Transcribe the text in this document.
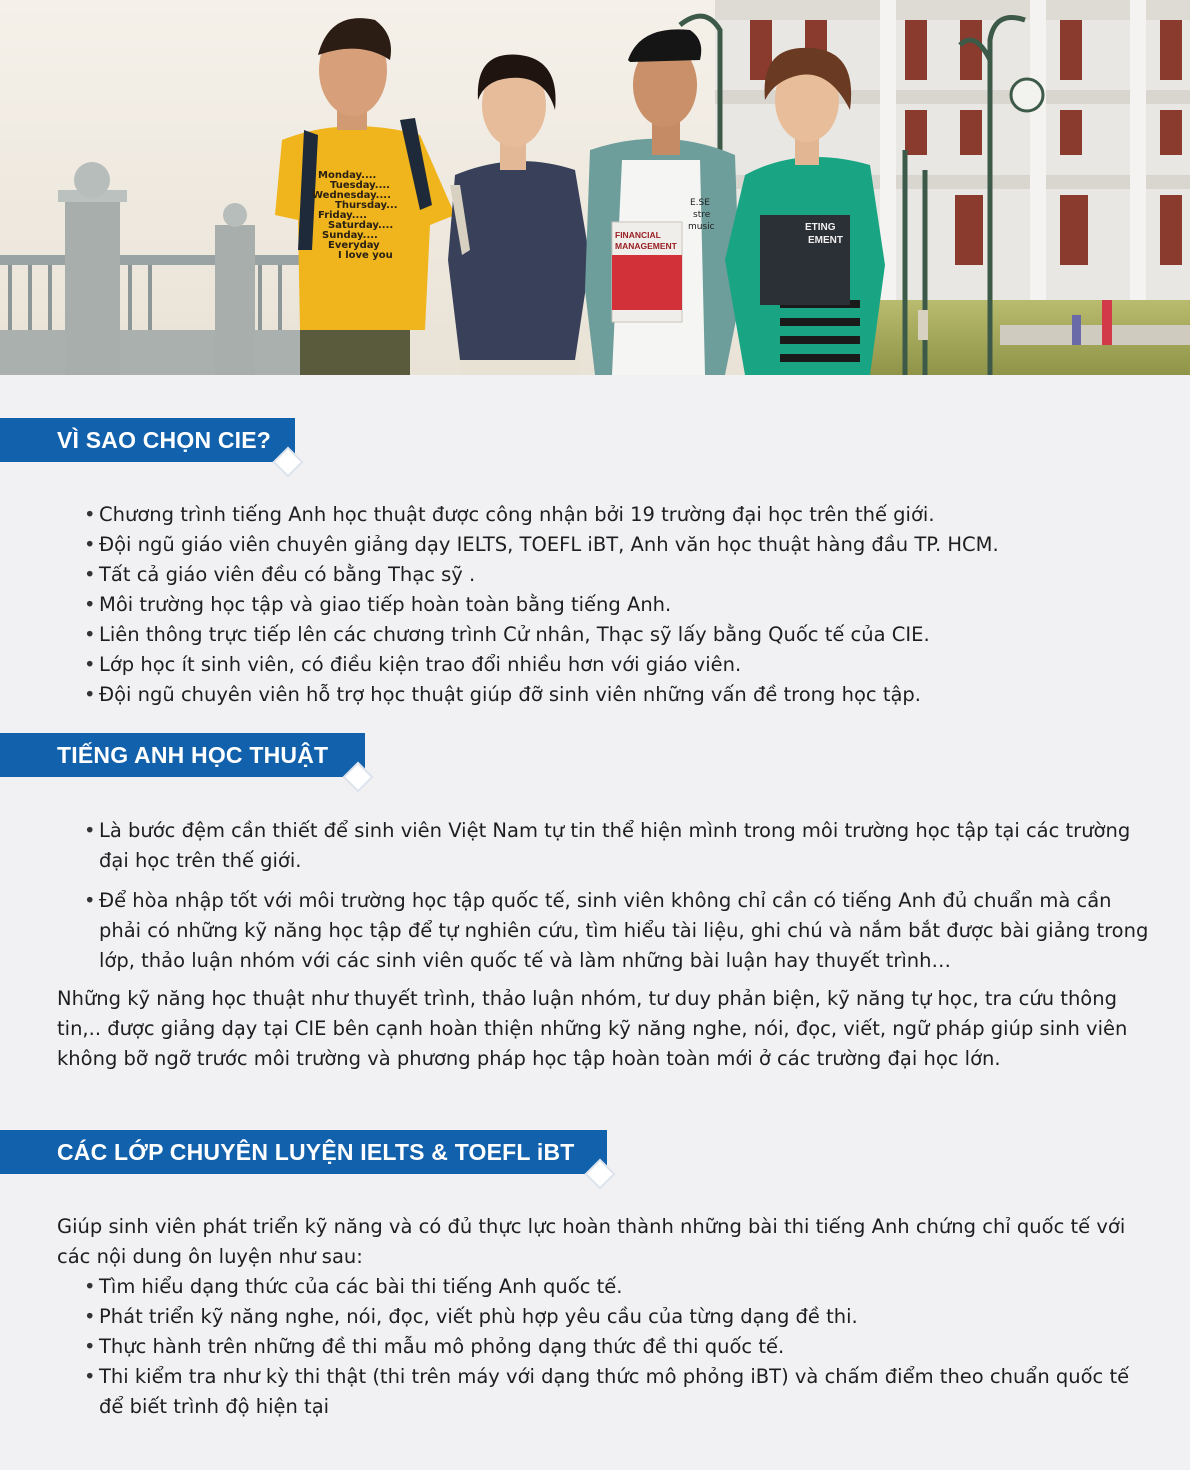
Monday....
Tuesday....
Wednesday....
Thursday...
Friday....
Saturday....
Sunday....
Everyday
I love you
E.SE
stre
music
FINANCIAL
MANAGEMENT
ETING
EMENT
VÌ SAO CHỌN CIE?
• Chương trình tiếng Anh học thuật được công nhận bởi 19 trường đại học trên thế giới.
• Đội ngũ giáo viên chuyên giảng dạy IELTS, TOEFL iBT, Anh văn học thuật hàng đầu TP. HCM.
• Tất cả giáo viên đều có bằng Thạc sỹ .
• Môi trường học tập và giao tiếp hoàn toàn bằng tiếng Anh.
• Liên thông trực tiếp lên các chương trình Cử nhân, Thạc sỹ lấy bằng Quốc tế của CIE.
• Lớp học ít sinh viên, có điều kiện trao đổi nhiều hơn với giáo viên.
• Đội ngũ chuyên viên hỗ trợ học thuật giúp đỡ sinh viên những vấn đề trong học tập.
TIẾNG ANH HỌC THUẬT
• Là bước đệm cần thiết để sinh viên Việt Nam tự tin thể hiện mình trong môi trường học tập tại các trường đại học trên thế giới.
• Để hòa nhập tốt với môi trường học tập quốc tế, sinh viên không chỉ cần có tiếng Anh đủ chuẩn mà cần phải có những kỹ năng học tập để tự nghiên cứu, tìm hiểu tài liệu, ghi chú và nắm bắt được bài giảng trong lớp, thảo luận nhóm với các sinh viên quốc tế và làm những bài luận hay thuyết trình…

Những kỹ năng học thuật như thuyết trình, thảo luận nhóm, tư duy phản biện, kỹ năng tự học, tra cứu thông tin,.. được giảng dạy tại CIE bên cạnh hoàn thiện những kỹ năng nghe, nói, đọc, viết, ngữ pháp giúp sinh viên không bỡ ngỡ trước môi trường và phương pháp học tập hoàn toàn mới ở các trường đại học lớn.

CÁC LỚP CHUYÊN LUYỆN IELTS & TOEFL iBT

Giúp sinh viên phát triển kỹ năng và có đủ thực lực hoàn thành những bài thi tiếng Anh chứng chỉ quốc tế với các nội dung ôn luyện như sau:

• Tìm hiểu dạng thức của các bài thi tiếng Anh quốc tế.
• Phát triển kỹ năng nghe, nói, đọc, viết phù hợp yêu cầu của từng dạng đề thi.
• Thực hành trên những đề thi mẫu mô phỏng dạng thức đề thi quốc tế.
• Thi kiểm tra như kỳ thi thật (thi trên máy với dạng thức mô phỏng iBT) và chấm điểm theo chuẩn quốc tế để biết trình độ hiện tại
